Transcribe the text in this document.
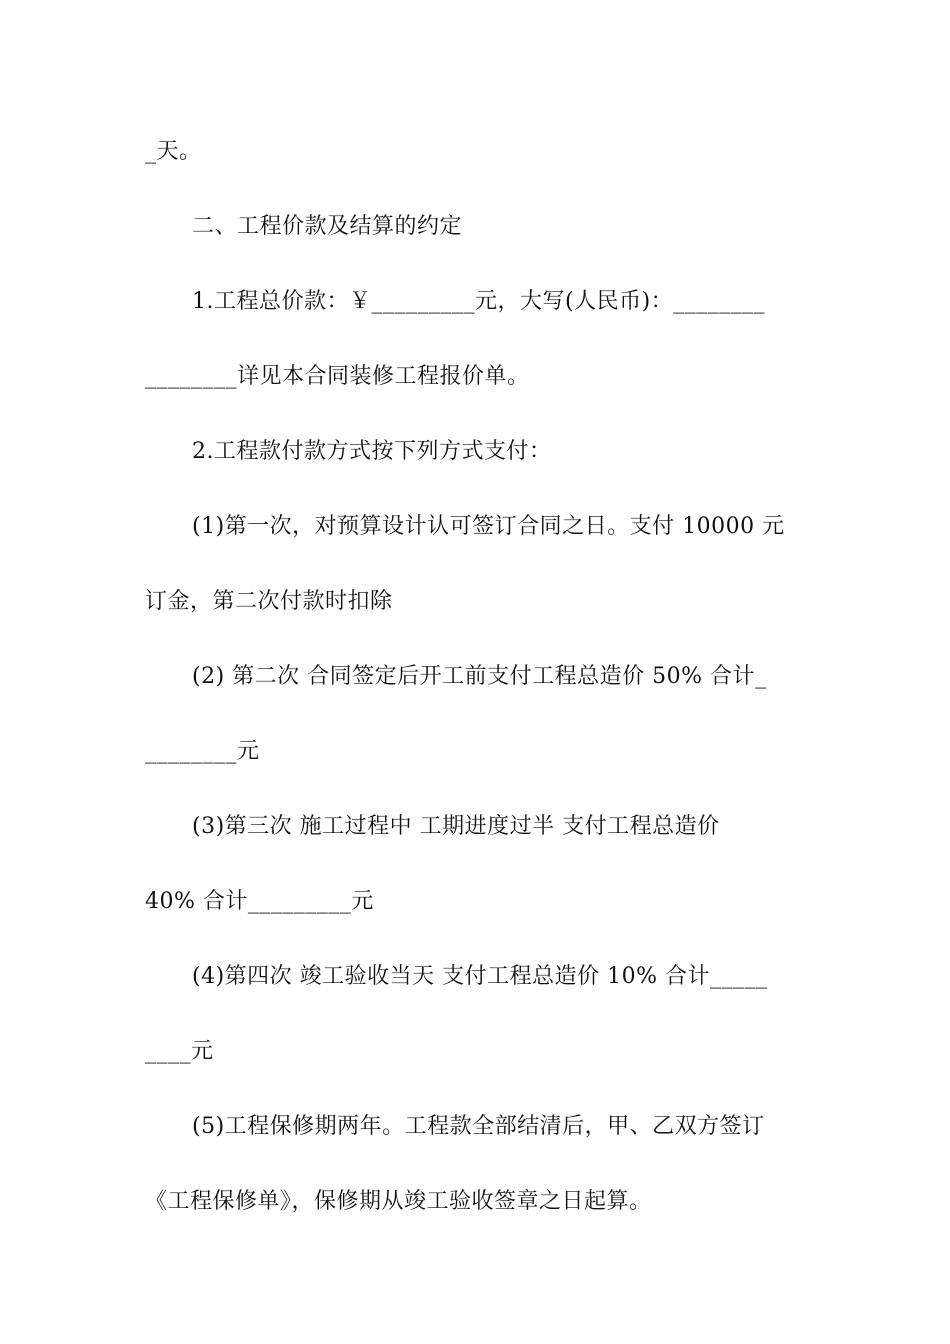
_天。
二、工程价款及结算的约定
1.工程总价款：￥_________元，大写(人民币)：________
________详见本合同装修工程报价单。
2.工程款付款方式按下列方式支付：
(1)第一次，对预算设计认可签订合同之日。支付 10000 元
订金，第二次付款时扣除
(2) 第二次 合同签定后开工前支付工程总造价 50% 合计_
________元
(3)第三次 施工过程中 工期进度过半 支付工程总造价
40% 合计_________元
(4)第四次 竣工验收当天 支付工程总造价 10% 合计_____
____元
(5)工程保修期两年。工程款全部结清后，甲、乙双方签订
《工程保修单》，保修期从竣工验收签章之日起算。
